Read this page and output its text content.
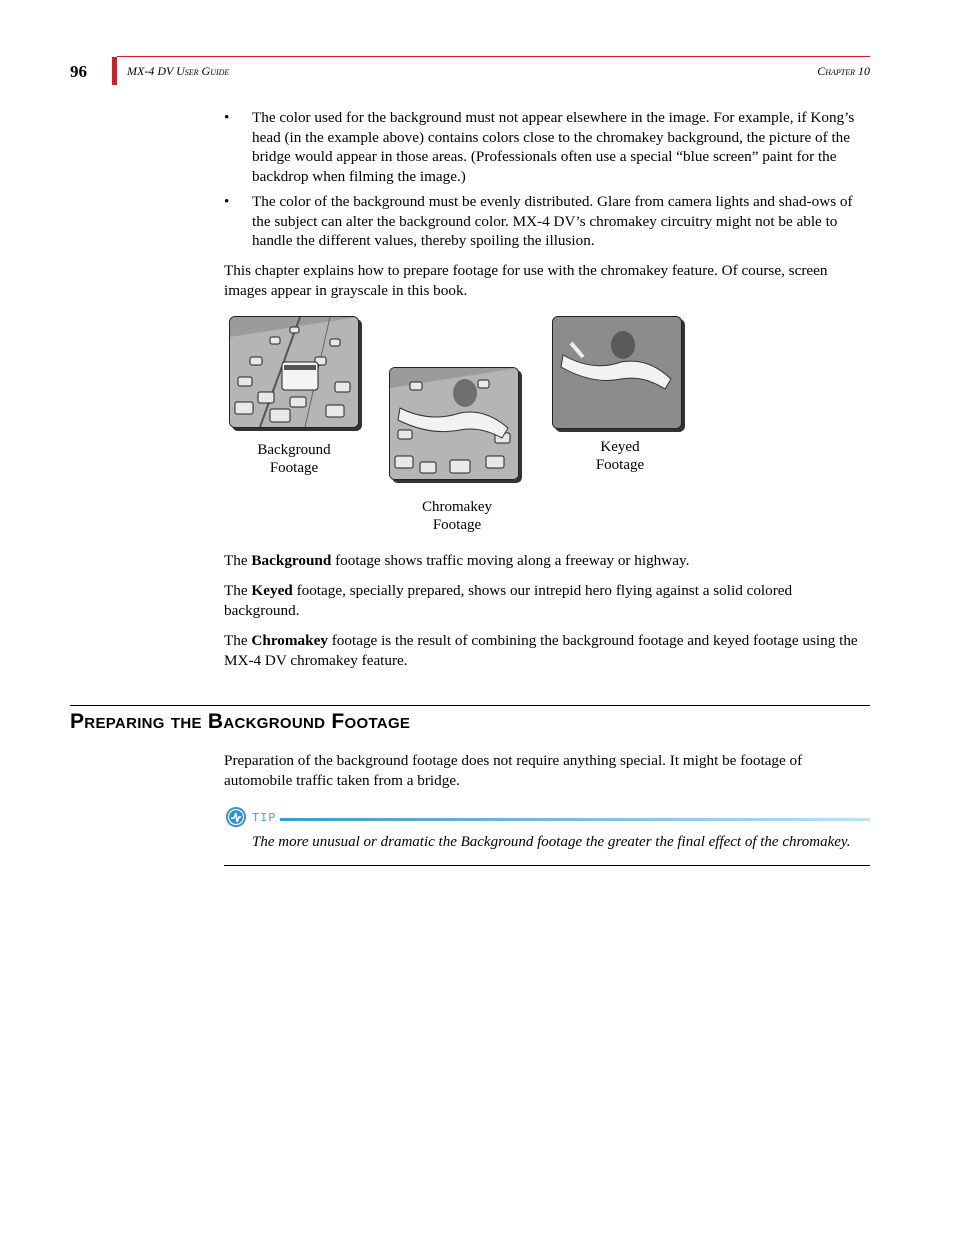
96	MX-4 DV User Guide	Chapter 10
• The color used for the background must not appear elsewhere in the image. For example, if Kong’s head (in the example above) contains colors close to the chromakey background, the picture of the bridge would appear in those areas. (Professionals often use a special “blue screen” paint for the backdrop when filming the image.)
• The color of the background must be evenly distributed. Glare from camera lights and shad-ows of the subject can alter the background color. MX-4 DV’s chromakey circuitry might not be able to handle the different values, thereby spoiling the illusion.

This chapter explains how to prepare footage for use with the chromakey feature. Of course, screen images appear in grayscale in this book.

Background
Footage
Chromakey
Footage
Keyed
Footage

The Background footage shows traffic moving along a freeway or highway.

The Keyed footage, specially prepared, shows our intrepid hero flying against a solid colored background.

The Chromakey footage is the result of combining the background footage and keyed footage using the MX-4 DV chromakey feature.

Preparing the Background Footage

Preparation of the background footage does not require anything special. It might be footage of automobile traffic taken from a bridge.

TIP
The more unusual or dramatic the Background footage the greater the final effect of the chromakey.
